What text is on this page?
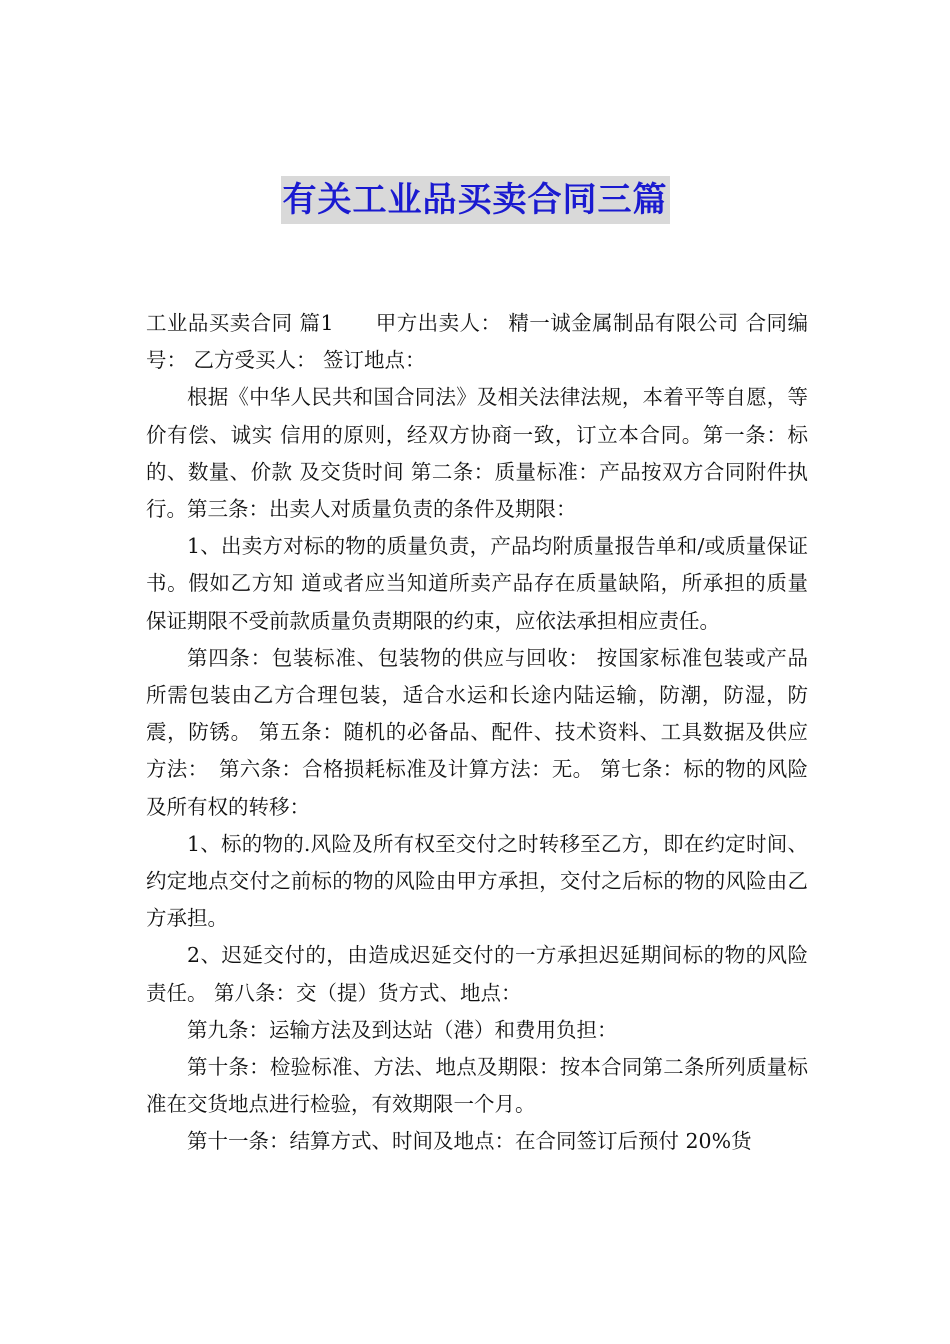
有关工业品买卖合同三篇

工业品买卖合同 篇1　　甲方出卖人： 精一诚金属制品有限公司 合同编号： 乙方受买人： 签订地点：

根据《中华人民共和国合同法》及相关法律法规，本着平等自愿，等价有偿、诚实 信用的原则，经双方协商一致，订立本合同。第一条：标的、数量、价款 及交货时间 第二条：质量标准：产品按双方合同附件执行。第三条：出卖人对质量负责的条件及期限：

1、出卖方对标的物的质量负责，产品均附质量报告单和/或质量保证书。假如乙方知 道或者应当知道所卖产品存在质量缺陷，所承担的质量保证期限不受前款质量负责期限的约束，应依法承担相应责任。

第四条：包装标准、包装物的供应与回收： 按国家标准包装或产品所需包装由乙方合理包装，适合水运和长途内陆运输，防潮，防湿，防震，防锈。 第五条：随机的必备品、配件、技术资料、工具数据及供应方法：　第六条：合格损耗标准及计算方法：无。 第七条：标的物的风险及所有权的转移：

1、标的物的.风险及所有权至交付之时转移至乙方，即在约定时间、约定地点交付之前标的物的风险由甲方承担，交付之后标的物的风险由乙方承担。

2、迟延交付的，由造成迟延交付的一方承担迟延期间标的物的风险责任。 第八条：交（提）货方式、地点：

第九条：运输方法及到达站（港）和费用负担：

第十条：检验标准、方法、地点及期限：按本合同第二条所列质量标准在交货地点进行检验，有效期限一个月。

第十一条：结算方式、时间及地点：在合同签订后预付 20%货
